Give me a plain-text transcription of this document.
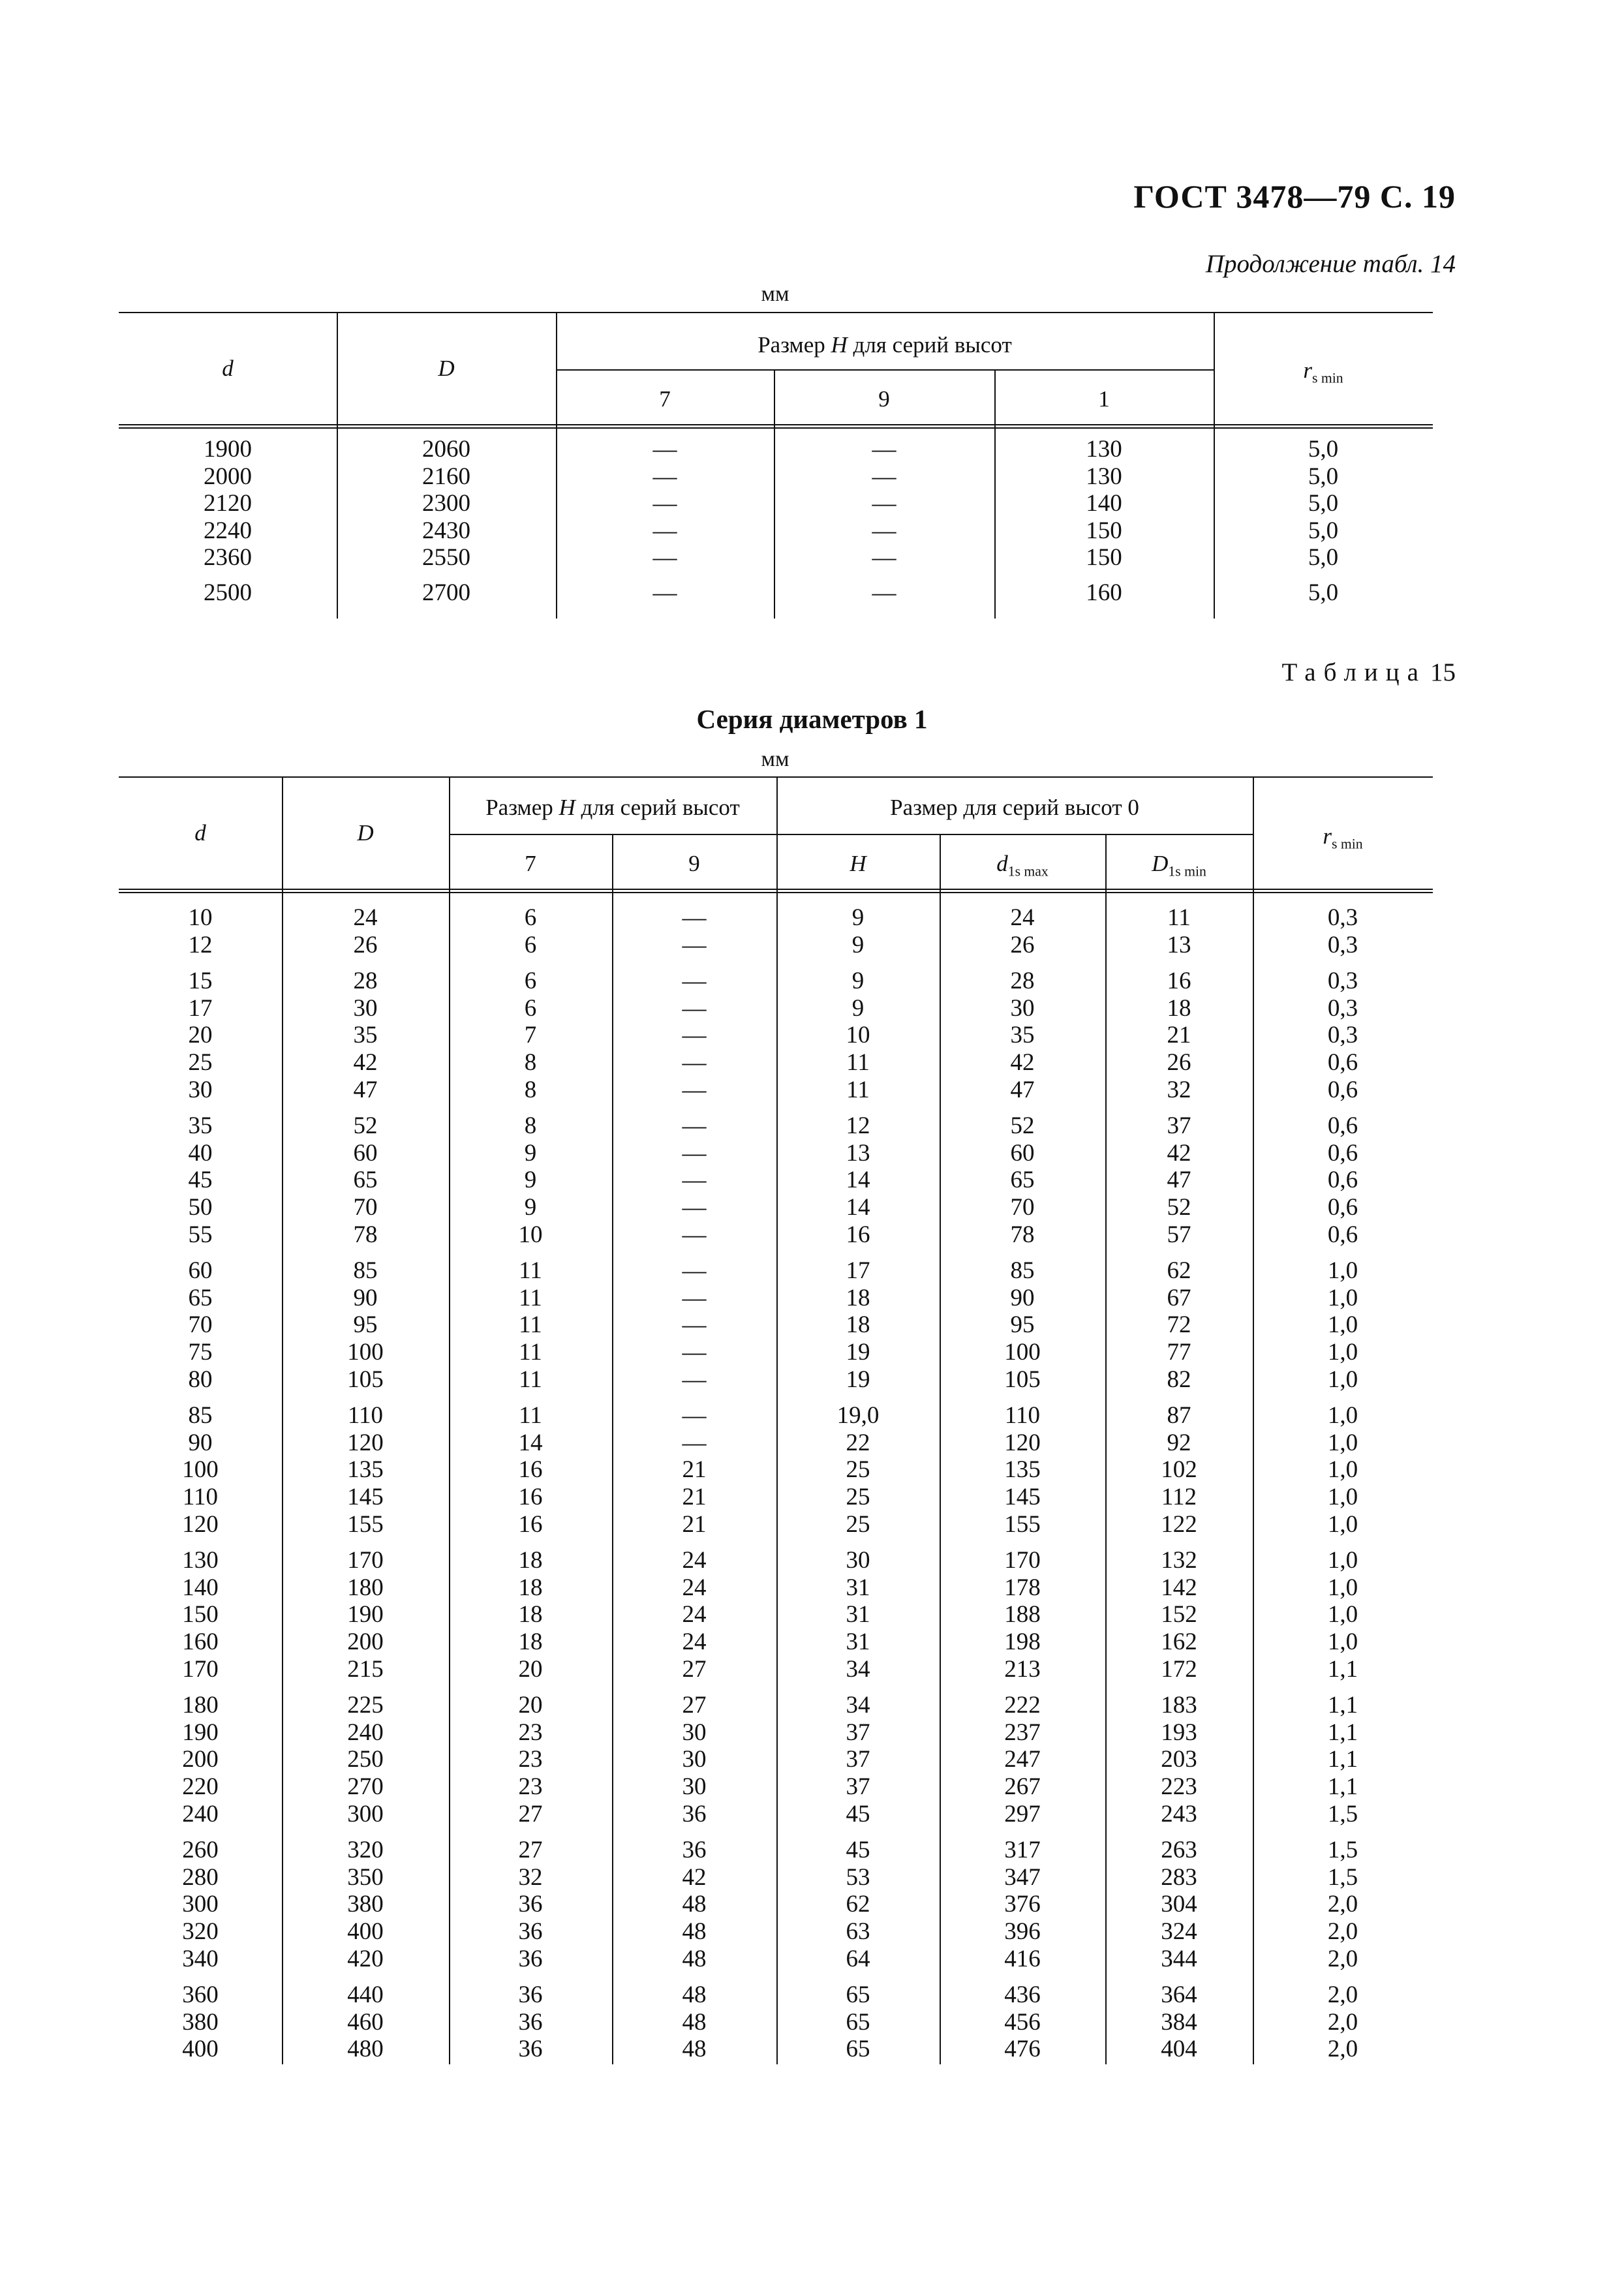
ГОСТ 3478—79 С. 19
Продолжение табл. 14
мм
d	D
Размер H для серий высот
7	9	1
$r_{s min}$
1900	2060	—	—	130	5,0
2000	2160	—	—	130	5,0
2120	2300	—	—	140	5,0
2240	2430	—	—	150	5,0
2360	2550	—	—	150	5,0
2500	2700	—	—	160	5,0
Таблица 15
Серия диаметров 1
мм
d	D
Размер H для серий высот	Размер для серий высот 0
7	9	H	$d_{1s max}$	$D_{1s min}$
$r_{s min}$
10	24	6	—	9	24	11	0,3
12	26	6	—	9	26	13	0,3
15	28	6	—	9	28	16	0,3
17	30	6	—	9	30	18	0,3
20	35	7	—	10	35	21	0,3
25	42	8	—	11	42	26	0,6
30	47	8	—	11	47	32	0,6
35	52	8	—	12	52	37	0,6
40	60	9	—	13	60	42	0,6
45	65	9	—	14	65	47	0,6
50	70	9	—	14	70	52	0,6
55	78	10	—	16	78	57	0,6
60	85	11	—	17	85	62	1,0
65	90	11	—	18	90	67	1,0
70	95	11	—	18	95	72	1,0
75	100	11	—	19	100	77	1,0
80	105	11	—	19	105	82	1,0
85	110	11	—	19,0	110	87	1,0
90	120	14	—	22	120	92	1,0
100	135	16	21	25	135	102	1,0
110	145	16	21	25	145	112	1,0
120	155	16	21	25	155	122	1,0
130	170	18	24	30	170	132	1,0
140	180	18	24	31	178	142	1,0
150	190	18	24	31	188	152	1,0
160	200	18	24	31	198	162	1,0
170	215	20	27	34	213	172	1,1
180	225	20	27	34	222	183	1,1
190	240	23	30	37	237	193	1,1
200	250	23	30	37	247	203	1,1
220	270	23	30	37	267	223	1,1
240	300	27	36	45	297	243	1,5
260	320	27	36	45	317	263	1,5
280	350	32	42	53	347	283	1,5
300	380	36	48	62	376	304	2,0
320	400	36	48	63	396	324	2,0
340	420	36	48	64	416	344	2,0
360	440	36	48	65	436	364	2,0
380	460	36	48	65	456	384	2,0
400	480	36	48	65	476	404	2,0
